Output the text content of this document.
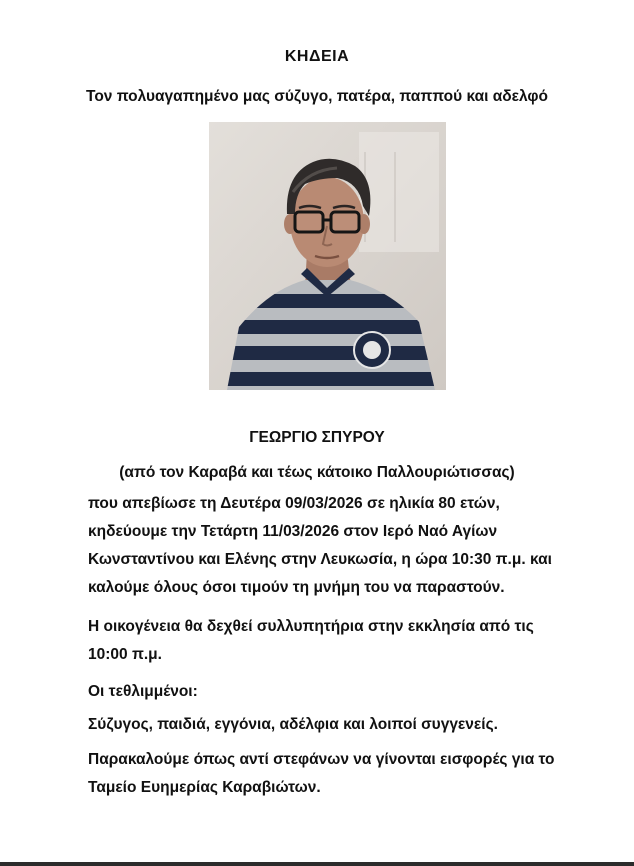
ΚΗΔΕΙΑ
Τον πολυαγαπημένο μας σύζυγο, πατέρα, παππού και αδελφό
ΓΕΩΡΓΙΟ ΣΠΥΡΟΥ
(από τον Καραβά και τέως κάτοικο Παλλουριώτισσας)

που απεβίωσε τη Δευτέρα 09/03/2026 σε ηλικία 80 ετών,
κηδεύουμε την Τετάρτη 11/03/2026 στον Ιερό Ναό Αγίων
Κωνσταντίνου και Ελένης στην Λευκωσία, η ώρα 10:30 π.μ. και
καλούμε όλους όσοι τιμούν τη μνήμη του να παραστούν.

Η οικογένεια θα δεχθεί συλλυπητήρια στην εκκλησία από τις
10:00 π.μ.

Οι τεθλιμμένοι:

Σύζυγος, παιδιά, εγγόνια, αδέλφια και λοιποί συγγενείς.

Παρακαλούμε όπως αντί στεφάνων να γίνονται εισφορές για το
Ταμείο Ευημερίας Καραβιώτων.
